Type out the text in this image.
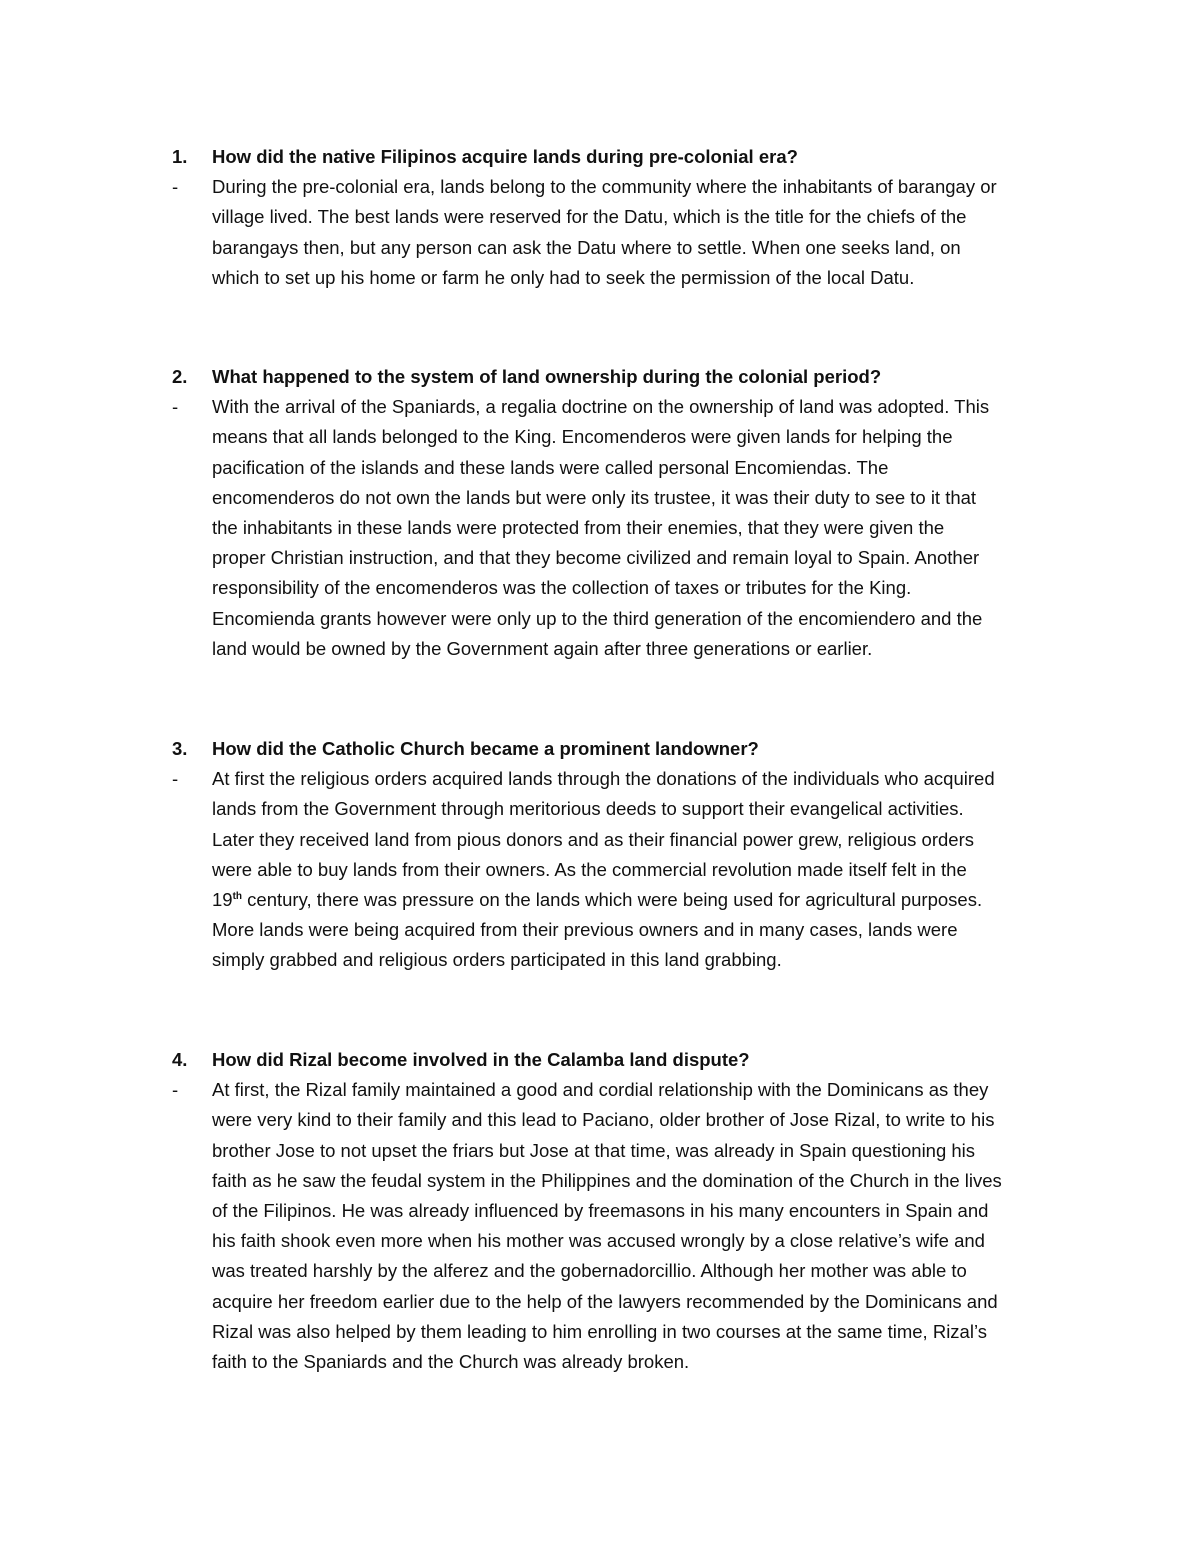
1.	How did the native Filipinos acquire lands during pre-colonial era?
-	During the pre-colonial era, lands belong to the community where the inhabitants of barangay or
village lived. The best lands were reserved for the Datu, which is the title for the chiefs of the
barangays then, but any person can ask the Datu where to settle. When one seeks land, on
which to set up his home or farm he only had to seek the permission of the local Datu.
2.	What happened to the system of land ownership during the colonial period?
-	With the arrival of the Spaniards, a regalia doctrine on the ownership of land was adopted. This
means that all lands belonged to the King. Encomenderos were given lands for helping the
pacification of the islands and these lands were called personal Encomiendas. The
encomenderos do not own the lands but were only its trustee, it was their duty to see to it that
the inhabitants in these lands were protected from their enemies, that they were given the
proper Christian instruction, and that they become civilized and remain loyal to Spain. Another
responsibility of the encomenderos was the collection of taxes or tributes for the King.
Encomienda grants however were only up to the third generation of the encomiendero and the
land would be owned by the Government again after three generations or earlier.
3.	How did the Catholic Church became a prominent landowner?
-	At first the religious orders acquired lands through the donations of the individuals who acquired
lands from the Government through meritorious deeds to support their evangelical activities.
Later they received land from pious donors and as their financial power grew, religious orders
were able to buy lands from their owners. As the commercial revolution made itself felt in the
19th century, there was pressure on the lands which were being used for agricultural purposes.
More lands were being acquired from their previous owners and in many cases, lands were
simply grabbed and religious orders participated in this land grabbing.
4.	How did Rizal become involved in the Calamba land dispute?
-	At first, the Rizal family maintained a good and cordial relationship with the Dominicans as they
were very kind to their family and this lead to Paciano, older brother of Jose Rizal, to write to his
brother Jose to not upset the friars but Jose at that time, was already in Spain questioning his
faith as he saw the feudal system in the Philippines and the domination of the Church in the lives
of the Filipinos. He was already influenced by freemasons in his many encounters in Spain and
his faith shook even more when his mother was accused wrongly by a close relative’s wife and
was treated harshly by the alferez and the gobernadorcillio. Although her mother was able to
acquire her freedom earlier due to the help of the lawyers recommended by the Dominicans and
Rizal was also helped by them leading to him enrolling in two courses at the same time, Rizal’s
faith to the Spaniards and the Church was already broken.
